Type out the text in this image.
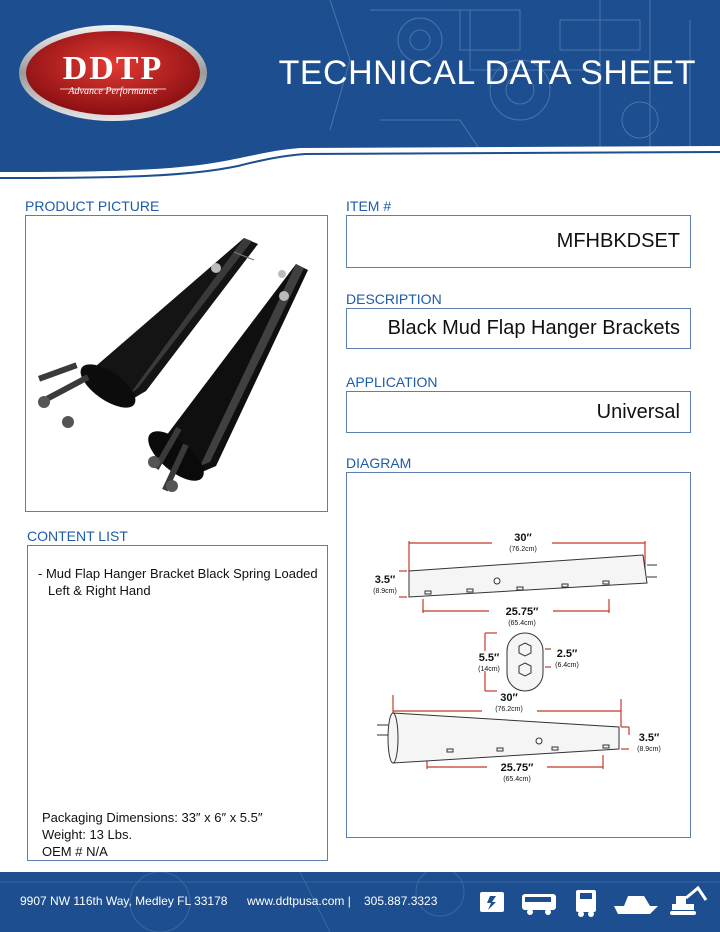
DDTP
Advance Performance	TECHNICAL DATA SHEET
PRODUCT PICTURE	ITEM #
MFHBKDSET
DESCRIPTION
Black Mud Flap Hanger Brackets
APPLICATION
Universal
DIAGRAM
30″
(76.2cm)
3.5″
(8.9cm)
25.75″
(65.4cm)
5.5″
(14cm)
2.5″
(6.4cm)
30″
(76.2cm)
3.5″
(8.9cm)
25.75″
(65.4cm)
CONTENT LIST
- Mud Flap Hanger Bracket Black Spring Loaded
Left & Right Hand
Packaging Dimensions: 33″ x 6″ x 5.5″
Weight: 13 Lbs.
OEM # N/A
9907 NW 116th Way, Medley FL 33178 www.ddtpusa.com | 305.887.3323
